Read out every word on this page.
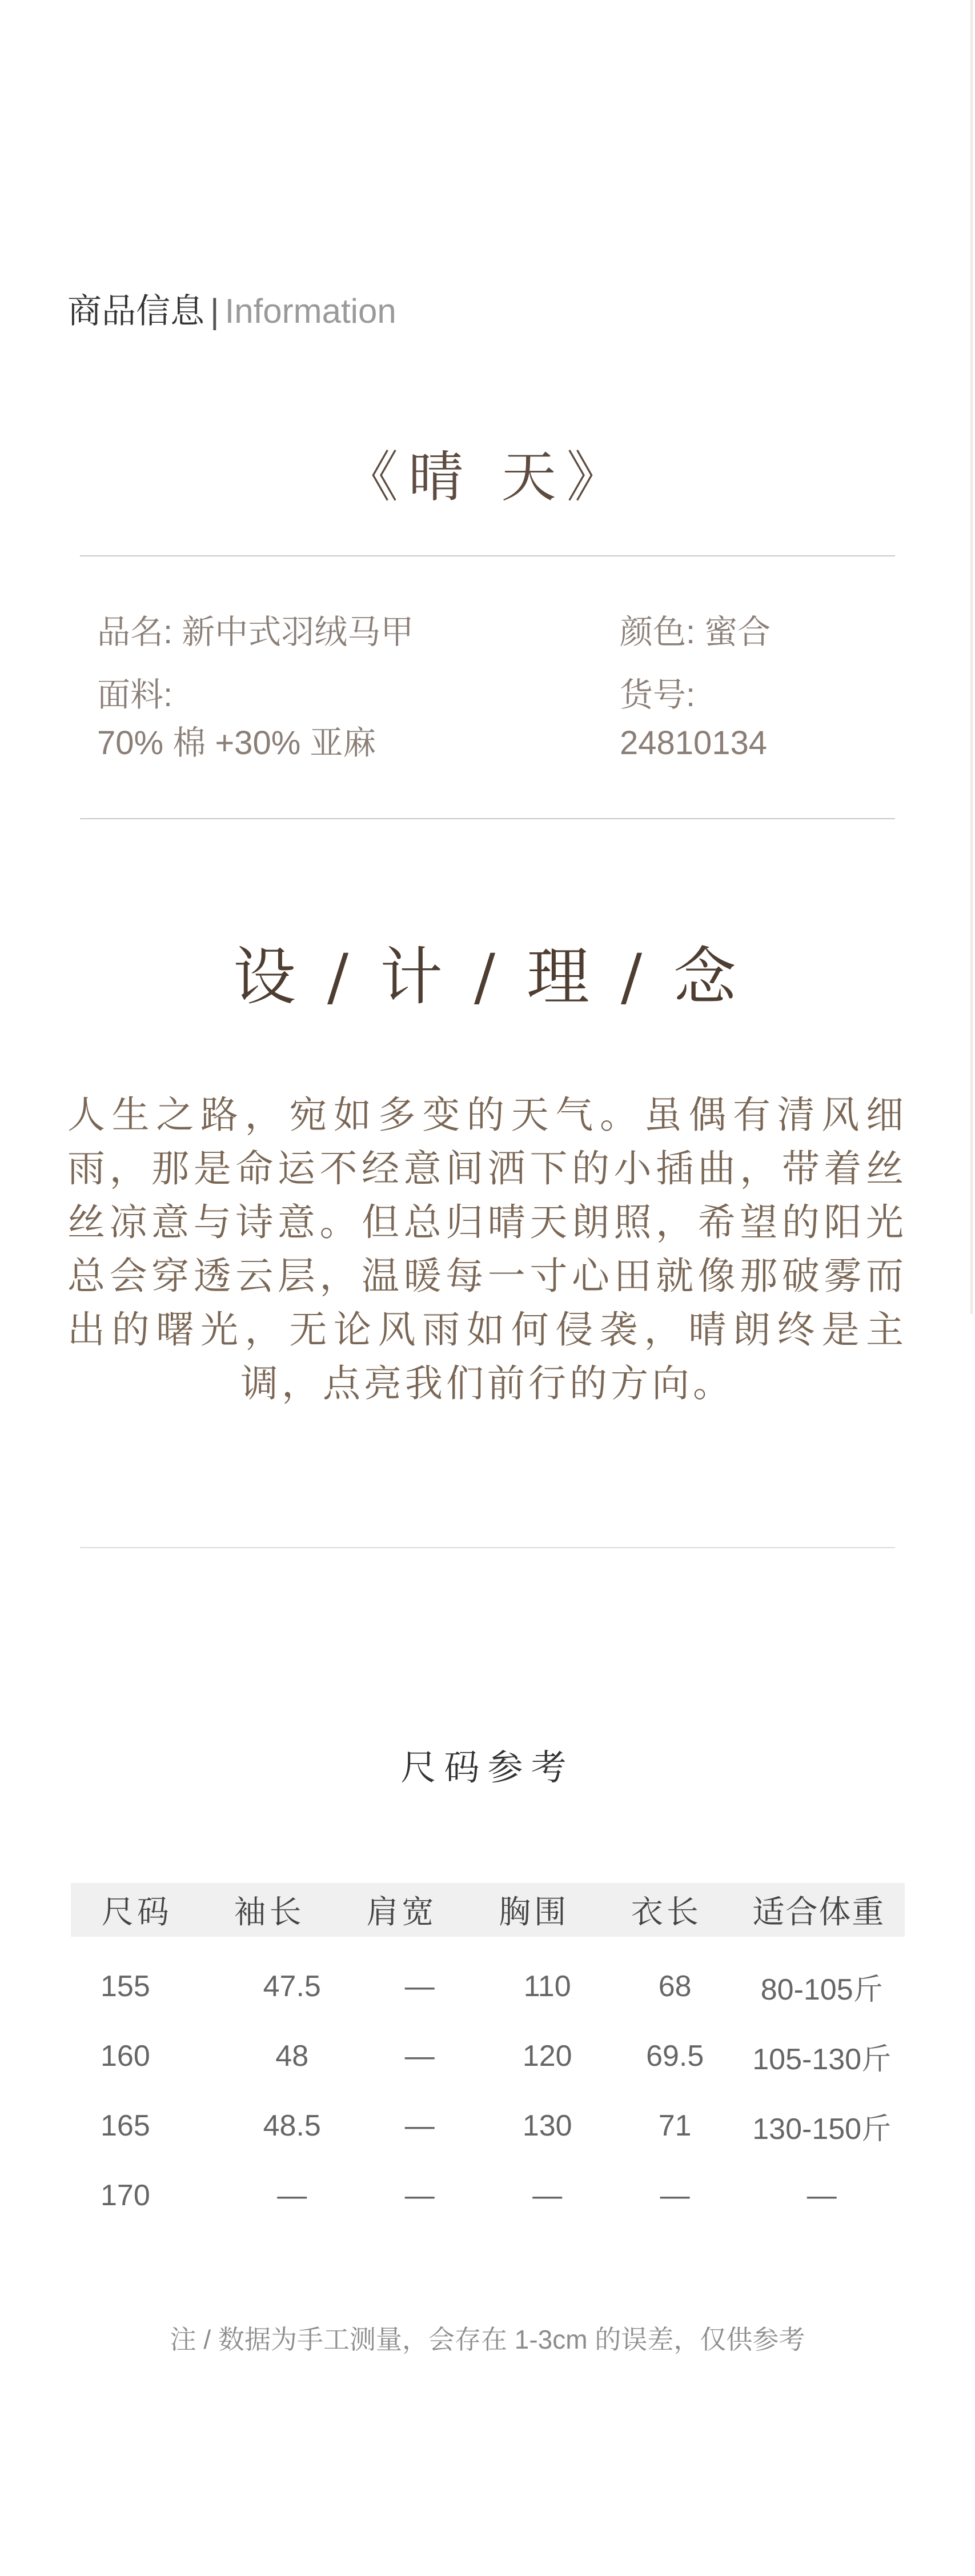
商品信息 | Information
《晴 天》
品名: 新中式羽绒马甲	颜色: 蜜合
面料:
70% 棉 +30% 亚麻
货号:
24810134
设 / 计 / 理 / 念
人生之路，宛如多变的天气。虽偶有清风细雨，那是命运不经意间洒下的小插曲，带着丝丝凉意与诗意。但总归晴天朗照，希望的阳光总会穿透云层，温暖每一寸心田就像那破雾而出的曙光，无论风雨如何侵袭，晴朗终是主调，点亮我们前行的方向。
尺码参考
尺码	袖长	肩宽	胸围	衣长	适合体重
155	47.5	—	110	68	80-105斤
160	48	—	120	69.5	105-130斤
165	48.5	—	130	71	130-150斤
170	—	—	—	—	—
注 / 数据为手工测量，会存在 1-3cm 的误差，仅供参考
